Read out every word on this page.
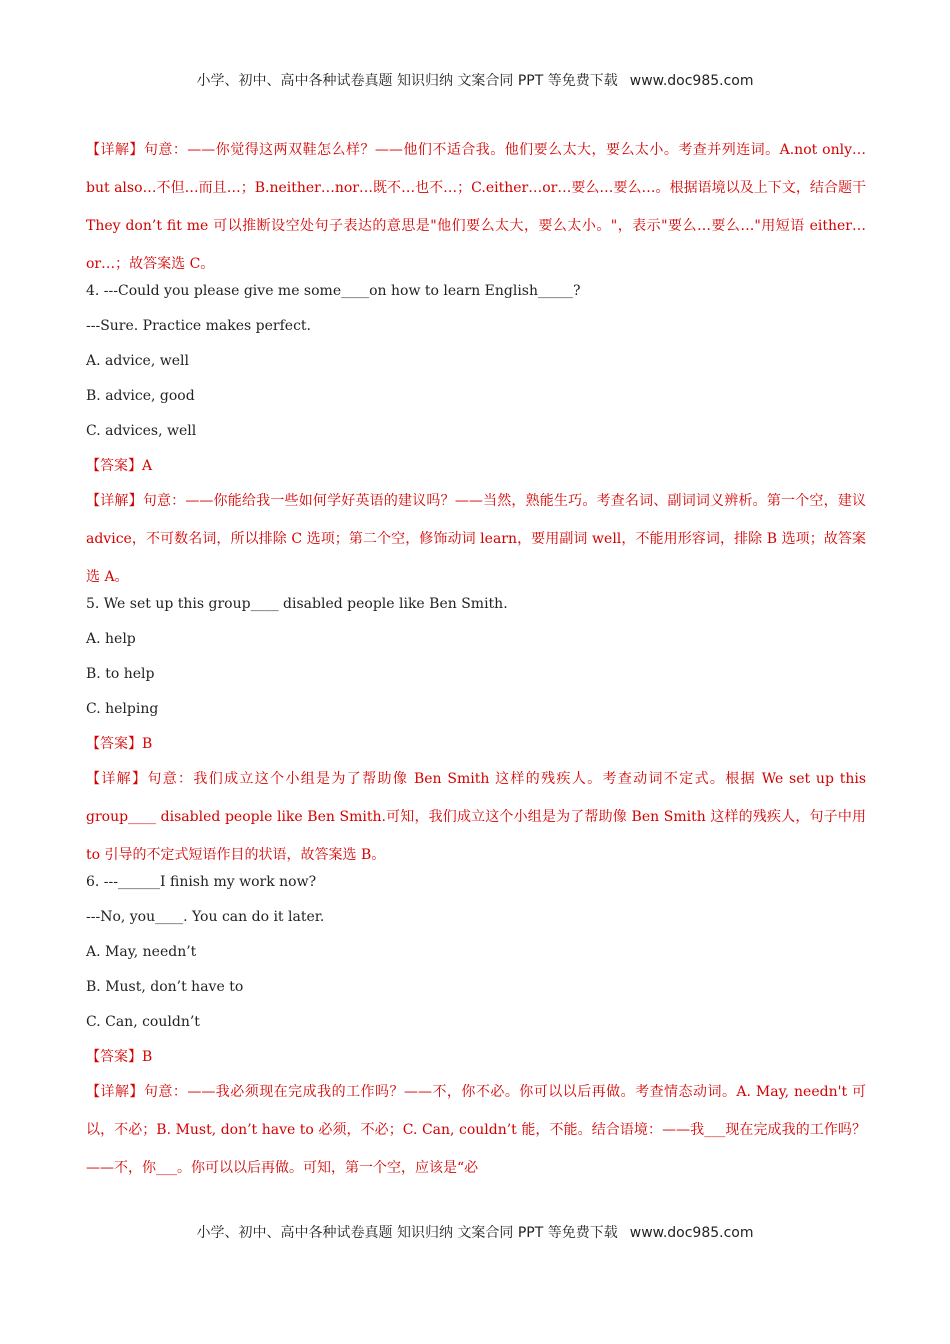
小学、初中、高中各种试卷真题 知识归纳 文案合同 PPT 等免费下载 www.doc985.com

【详解】句意：——你觉得这两双鞋怎么样？——他们不适合我。他们要么太大，要么太小。考查并列连词。A.not only…but also…不但…而且…；B.neither…nor…既不…也不…；C.either…or…要么…要么…。根据语境以及上下文，结合题干 They don’t fit me 可以推断设空处句子表达的意思是"他们要么太大，要么太小。"，表示"要么…要么…"用短语 either…or…；故答案选 C。

4. ---Could you please give me some____on how to learn English_____?
---Sure. Practice makes perfect.
A. advice, well
B. advice, good
C. advices, well
【答案】A

【详解】句意：——你能给我一些如何学好英语的建议吗？——当然，熟能生巧。考查名词、副词词义辨析。第一个空，建议 advice，不可数名词，所以排除 C 选项；第二个空，修饰动词 learn，要用副词 well，不能用形容词，排除 B 选项；故答案选 A。

5. We set up this group____ disabled people like Ben Smith.
A. help
B. to help
C. helping
【答案】B

【详解】句意：我们成立这个小组是为了帮助像 Ben Smith 这样的残疾人。考查动词不定式。根据 We set up this group____ disabled people like Ben Smith.可知，我们成立这个小组是为了帮助像 Ben Smith 这样的残疾人，句子中用 to 引导的不定式短语作目的状语，故答案选 B。

6. ---______I finish my work now?
---No, you____. You can do it later.
A. May, needn’t
B. Must, don’t have to
C. Can, couldn’t
【答案】B

【详解】句意：——我必须现在完成我的工作吗？——不，你不必。你可以以后再做。考查情态动词。A. May, needn't 可以，不必；B. Must, don’t have to 必须，不必；C. Can, couldn’t 能，不能。结合语境：——我___现在完成我的工作吗？——不，你___。你可以以后再做。可知，第一个空，应该是“必

小学、初中、高中各种试卷真题 知识归纳 文案合同 PPT 等免费下载 www.doc985.com
